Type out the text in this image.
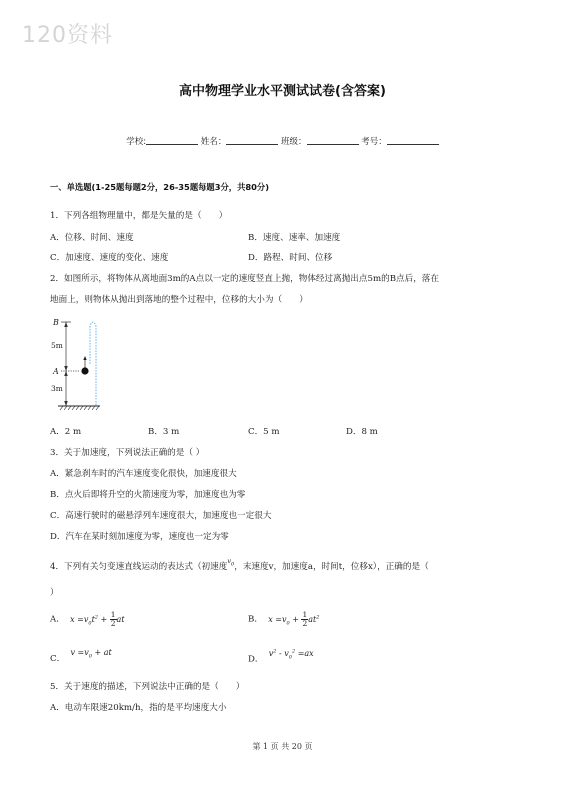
120资料
高中物理学业水平测试试卷(含答案)
学校:	姓名：	班级：	考号：
一、单选题(1-25题每题2分，26-35题每题3分，共80分)
1．下列各组物理量中，都是矢量的是（　　）
A．位移、时间、速度	B．速度、速率、加速度
C．加速度、速度的变化、速度	D．路程、时间、位移
2．如图所示，将物体从离地面3m的A点以一定的速度竖直上抛，物体经过离抛出点5m的B点后，落在
地面上，则物体从抛出到落地的整个过程中，位移的大小为（　　）
B
A
5m
3m
A．2 m	B．3 m	C．5 m	D．8 m
3．关于加速度，下列说法正确的是（ ）
A．紧急刹车时的汽车速度变化很快，加速度很大
B．点火后即将升空的火箭速度为零，加速度也为零
C．高速行驶时的磁悬浮列车速度很大，加速度也一定很大
D．汽车在某时刻加速度为零，速度也一定为零
4．下列有关匀变速直线运动的表达式（初速度$^{v_0}$，末速度v，加速度a，时间t，位移x），正确的是（
）
A．  $x =v_0t^2 + \frac{1}{2}$ at	B．  $x =v_0 + \frac{1}{2} at^2$
C．  $v =v_0$ + at
D．  $v^2 - v_0^2 =ax$
5．关于速度的描述，下列说法中正确的是（　　）
A．电动车限速20km/h，指的是平均速度大小
第 1 页 共 20 页
